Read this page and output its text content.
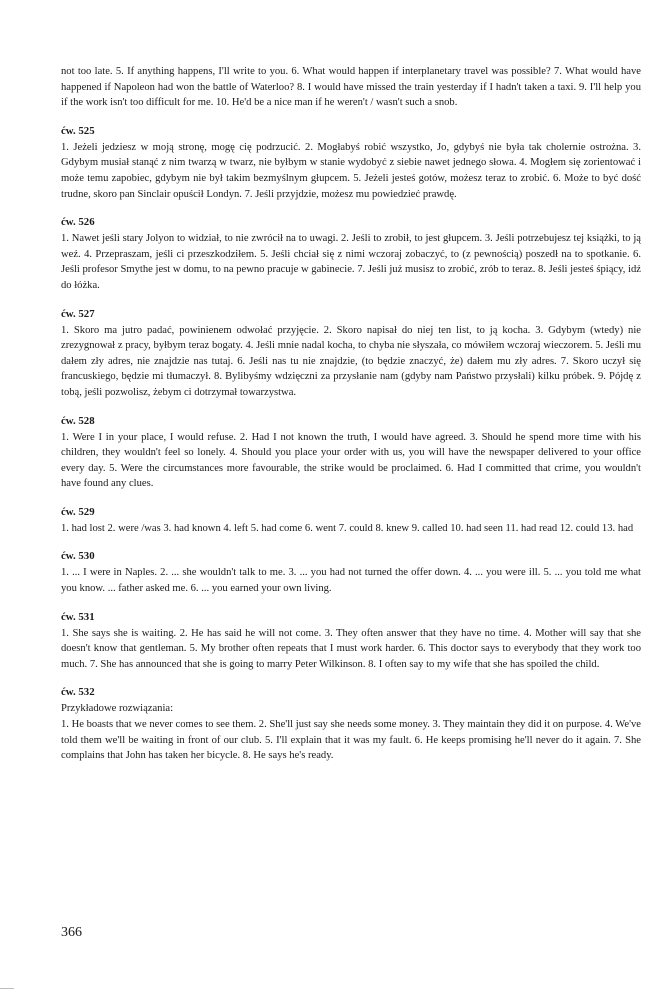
not too late. 5. If anything happens, I'll write to you. 6. What would happen if interplanetary travel was possible? 7. What would have happened if Napoleon had won the battle of Waterloo? 8. I would have missed the train yesterday if I hadn't taken a taxi. 9. I'll help you if the work isn't too difficult for me. 10. He'd be a nice man if he weren't / wasn't such a snob.

ćw. 525

1. Jeżeli jedziesz w moją stronę, mogę cię podrzucić. 2. Mogłabyś robić wszystko, Jo, gdybyś nie była tak cholernie ostrożna. 3. Gdybym musiał stanąć z nim twarzą w twarz, nie byłbym w stanie wydobyć z siebie nawet jednego słowa. 4. Mogłem się zorientować i może temu zapobiec, gdybym nie był takim bezmyślnym głupcem. 5. Jeżeli jesteś gotów, możesz teraz to zrobić. 6. Może to być dość trudne, skoro pan Sinclair opuścił Londyn. 7. Jeśli przyjdzie, możesz mu powiedzieć prawdę.

ćw. 526

1. Nawet jeśli stary Jolyon to widział, to nie zwrócił na to uwagi. 2. Jeśli to zrobił, to jest głupcem. 3. Jeśli potrzebujesz tej książki, to ją weź. 4. Przepraszam, jeśli ci przeszkodziłem. 5. Jeśli chciał się z nimi wczoraj zobaczyć, to (z pewnością) poszedł na to spotkanie. 6. Jeśli profesor Smythe jest w domu, to na pewno pracuje w gabinecie. 7. Jeśli już musisz to zrobić, zrób to teraz. 8. Jeśli jesteś śpiący, idź do łóżka.

ćw. 527

1. Skoro ma jutro padać, powinienem odwołać przyjęcie. 2. Skoro napisał do niej ten list, to ją kocha. 3. Gdybym (wtedy) nie zrezygnował z pracy, byłbym teraz bogaty. 4. Jeśli mnie nadal kocha, to chyba nie słyszała, co mówiłem wczoraj wieczorem. 5. Jeśli mu dałem zły adres, nie znajdzie nas tutaj. 6. Jeśli nas tu nie znajdzie, (to będzie znaczyć, że) dałem mu zły adres. 7. Skoro uczył się francuskiego, będzie mi tłumaczył. 8. Bylibyśmy wdzięczni za przysłanie nam (gdyby nam Państwo przysłali) kilku próbek. 9. Pójdę z tobą, jeśli pozwolisz, żebym ci dotrzymał towarzystwa.

ćw. 528

1. Were I in your place, I would refuse. 2. Had I not known the truth, I would have agreed. 3. Should he spend more time with his children, they wouldn't feel so lonely. 4. Should you place your order with us, you will have the newspaper delivered to your office every day. 5. Were the circumstances more favourable, the strike would be proclaimed. 6. Had I committed that crime, you wouldn't have found any clues.

ćw. 529

1. had lost 2. were /was 3. had known 4. left 5. had come 6. went 7. could 8. knew 9. called 10. had seen 11. had read 12. could 13. had

ćw. 530

1. ... I were in Naples. 2. ... she wouldn't talk to me. 3. ... you had not turned the offer down. 4. ... you were ill. 5. ... you told me what you know. ... father asked me. 6. ... you earned your own living.

ćw. 531

1. She says she is waiting. 2. He has said he will not come. 3. They often answer that they have no time. 4. Mother will say that she doesn't know that gentleman. 5. My brother often repeats that I must work harder. 6. This doctor says to everybody that they work too much. 7. She has announced that she is going to marry Peter Wilkinson. 8. I often say to my wife that she has spoiled the child.

ćw. 532

Przykładowe rozwiązania:

1. He boasts that we never comes to see them. 2. She'll just say she needs some money. 3. They maintain they did it on purpose. 4. We've told them we'll be waiting in front of our club. 5. I'll explain that it was my fault. 6. He keeps promising he'll never do it again. 7. She complains that John has taken her bicycle. 8. He says he's ready.

366
